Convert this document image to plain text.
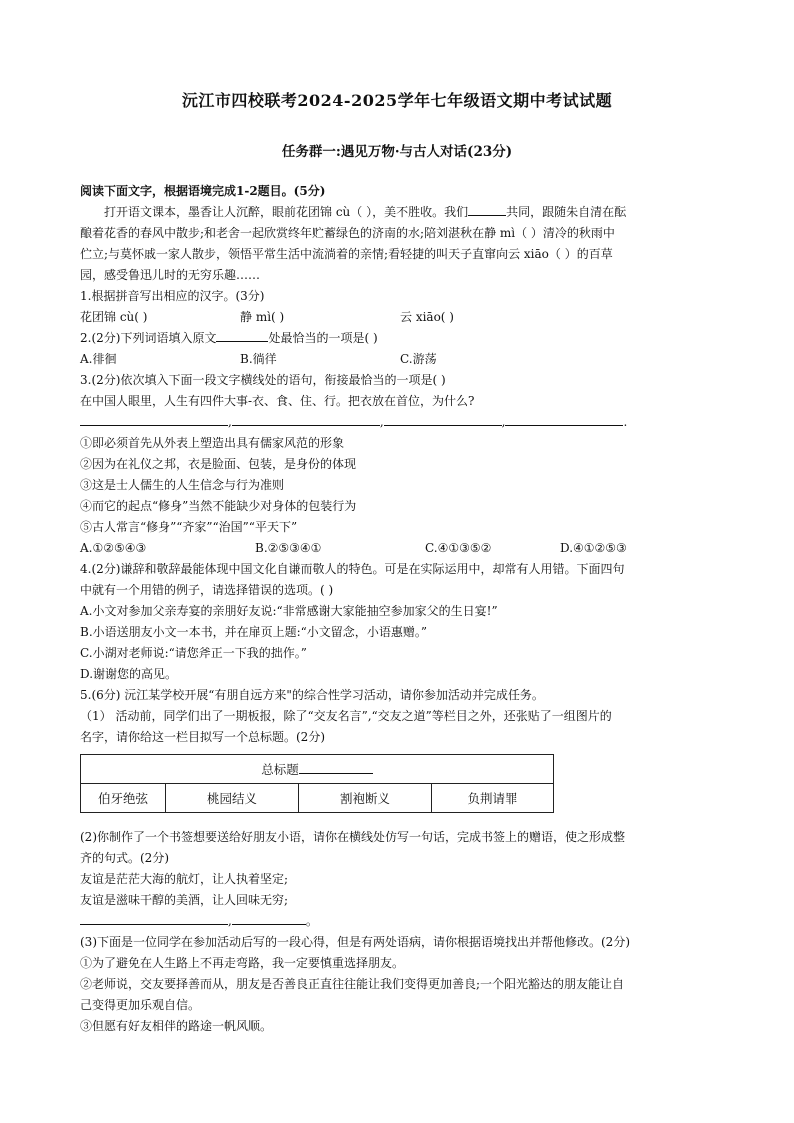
沅江市四校联考2024-2025学年七年级语文期中考试试题
任务群一:遇见万物·与古人对话(23分)
阅读下面文字，根据语境完成1-2题目。(5分)
打开语文课本，墨香让人沉醉，眼前花团锦 cù（ ），美不胜收。我们	共同，跟随朱自清在酝
酿着花香的春风中散步;和老舍一起欣赏终年贮蓄绿色的济南的水;陪刘湛秋在静 mì（ ）清冷的秋雨中
伫立;与莫怀戚一家人散步，领悟平常生活中流淌着的亲情;看轻捷的叫天子直窜向云 xiāo（ ）的百草
园，感受鲁迅儿时的无穷乐趣……
1.根据拼音写出相应的汉字。(3分)
花团锦 cù( )	静 mì( )	云 xiāo( )
2.(2分)下列词语填入原文	处最恰当的一项是( )
A.徘徊	B.徜徉	C.游荡
3.(2分)依次填入下面一段文字横线处的语句，衔接最恰当的一项是( )
在中国人眼里，人生有四件大事-衣、食、住、行。把衣放在首位，为什么?
,	,	,	.
①即必须首先从外表上塑造出具有儒家风范的形象
②因为在礼仪之邦，衣是脸面、包装，是身份的体现
③这是士人儒生的人生信念与行为准则
④而它的起点“修身”当然不能缺少对身体的包装行为
⑤古人常言“修身”“齐家”“治国”“平天下”
A.①②⑤④③	B.②⑤③④①	C.④①③⑤②	D.④①②⑤③
4.(2分)谦辞和敬辞最能体现中国文化自谦而敬人的特色。可是在实际运用中，却常有人用错。下面四句
中就有一个用错的例子，请选择错误的选项。( )
A.小文对参加父亲寿宴的亲朋好友说:“非常感谢大家能抽空参加家父的生日宴!”
B.小语送朋友小文一本书，并在扉页上题:“小文留念，小语惠赠。”
C.小湖对老师说:“请您斧正一下我的拙作。”
D.谢谢您的高见。
5.(6分) 沅江某学校开展“有朋自远方来"的综合性学习活动，请你参加活动并完成任务。
（1） 活动前，同学们出了一期板报，除了“交友名言”,“交友之道”等栏目之外，还张贴了一组图片的
名字，请你给这一栏目拟写一个总标题。(2分)
总标题
伯牙绝弦	桃园结义	割袍断义	负荆请罪
(2)你制作了一个书签想要送给好朋友小语，请你在横线处仿写一句话，完成书签上的赠语，使之形成整
齐的句式。(2分)
友谊是茫茫大海的航灯，让人执着坚定;
友谊是滋味干醇的美酒，让人回味无穷;
,	。
(3)下面是一位同学在参加活动后写的一段心得，但是有两处语病，请你根据语境找出并帮他修改。(2分)
①为了避免在人生路上不再走弯路，我一定要慎重选择朋友。
②老师说，交友要择善而从，朋友是否善良正直往往能让我们变得更加善良;一个阳光豁达的朋友能让自
己变得更加乐观自信。
③但愿有好友相伴的路途一帆风顺。
